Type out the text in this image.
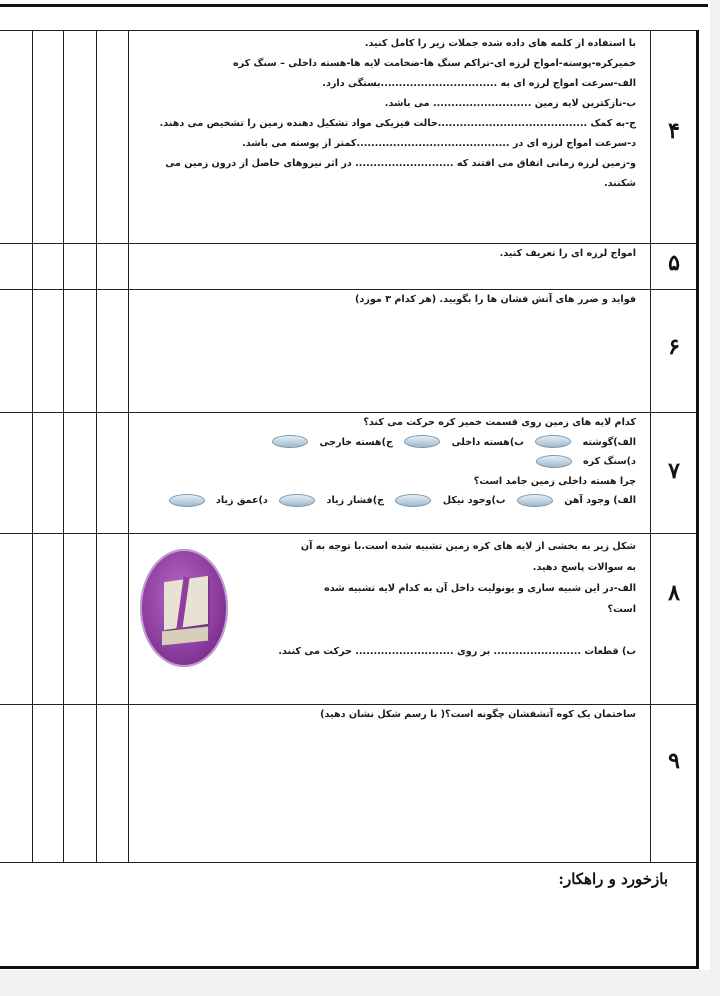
۴

با استفاده از کلمه های داده شده جملات زیر را کامل کنید.

خمیرکره-پوسته-امواج لرزه ای-تراکم سنگ ها-ضخامت لایه ها-هسته داخلی – سنگ کره

الف-سرعت امواج لرزه ای به ................................بستگی دارد.

ب-نازکترین لایه زمین ........................... می باشد.

ج-به کمک .........................................حالت فیزیکی مواد تشکیل دهنده زمین را تشخیص می دهند.

د-سرعت امواج لرزه ای در ..........................................کمتر از پوسته می باشد.

و-زمین لرزه زمانی اتفاق می افتند که ........................... در اثر نیروهای حاصل از درون زمین می

شکنند.

۵

امواج لرزه ای را تعریف کنید.

۶

فواید و ضرر های آتش فشان ها را بگویید. (هر کدام ۳ مورد)

۷

کدام لایه های زمین روی قسمت خمیر کره حرکت می کند؟

الف)گوشته  ب)هسته داخلی  ج)هسته خارجی

د)سنگ کره

چرا هسته داخلی زمین جامد است؟

الف) وجود آهن  ب)وجود نیکل  ج)فشار زیاد  د)عمق زیاد

۸

شکل زیر به بخشی از لایه های کره زمین تشبیه شده است.با توجه به آن

به سوالات پاسخ دهید.

الف-در این شبیه سازی و یونولیت داخل آن به کدام لایه تشبیه شده

است؟

ب) قطعات ........................ بر روی ........................... حرکت می کنند.

۹

ساختمان یک کوه آتشفشان چگونه است؟( با رسم شکل نشان دهید)

بازخورد و راهکار:
